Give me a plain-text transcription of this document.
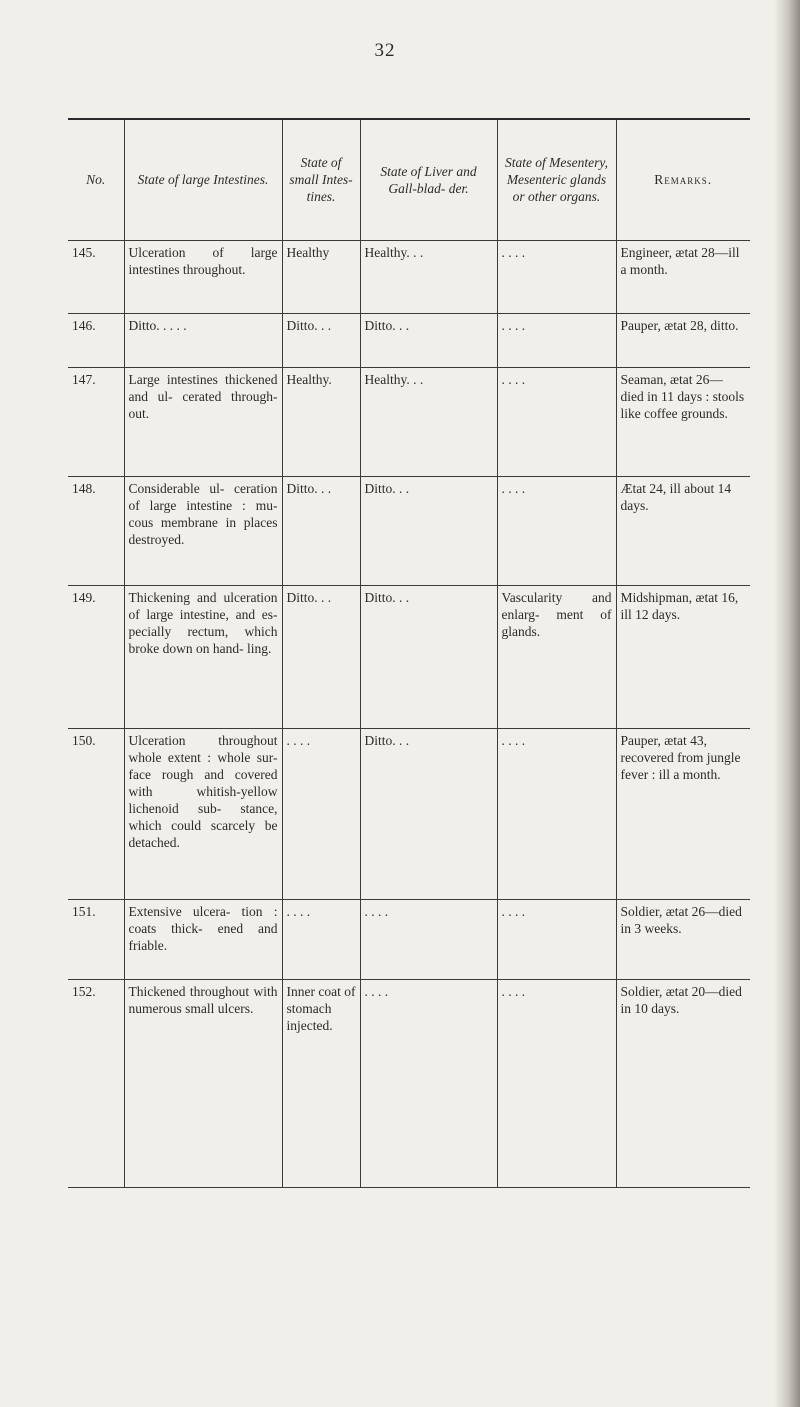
32
No.	State of large Intestines.	State of small Intes- tines.	State of Liver and Gall-blad- der.	State of Mesentery, Mesenteric glands or other organs.	Remarks.
145.	Ulceration of large intestines throughout.	Healthy	Healthy. . .	. . . .	Engineer, ætat 28—ill a month.
146.	Ditto. . . . .	Ditto. . .	Ditto. . .	. . . .	Pauper, ætat 28, ditto.
147.	Large intestines thickened and ul- cerated through- out.	Healthy.	Healthy. . .	. . . .	Seaman, ætat 26—died in 11 days : stools like coffee grounds.
148.	Considerable ul- ceration of large intestine : mu- cous membrane in places destroyed.	Ditto. . .	Ditto. . .	. . . .	Ætat 24, ill about 14 days.
149.	Thickening and ulceration of large intestine, and es- pecially rectum, which broke down on hand- ling.	Ditto. . .	Ditto. . .	Vascularity and enlarg- ment of glands.	Midshipman, ætat 16, ill 12 days.
150.	Ulceration throughout whole extent : whole sur- face rough and covered with whitish-yellow lichenoid sub- stance, which could scarcely be detached.	. . . .	Ditto. . .	. . . .	Pauper, ætat 43, recovered from jungle fever : ill a month.
151.	Extensive ulcera- tion : coats thick- ened and friable.	. . . .	. . . .	. . . .	Soldier, ætat 26—died in 3 weeks.
152.	Thickened throughout with numerous small ulcers.	Inner coat of stomach injected.	. . . .	. . . .	Soldier, ætat 20—died in 10 days.
